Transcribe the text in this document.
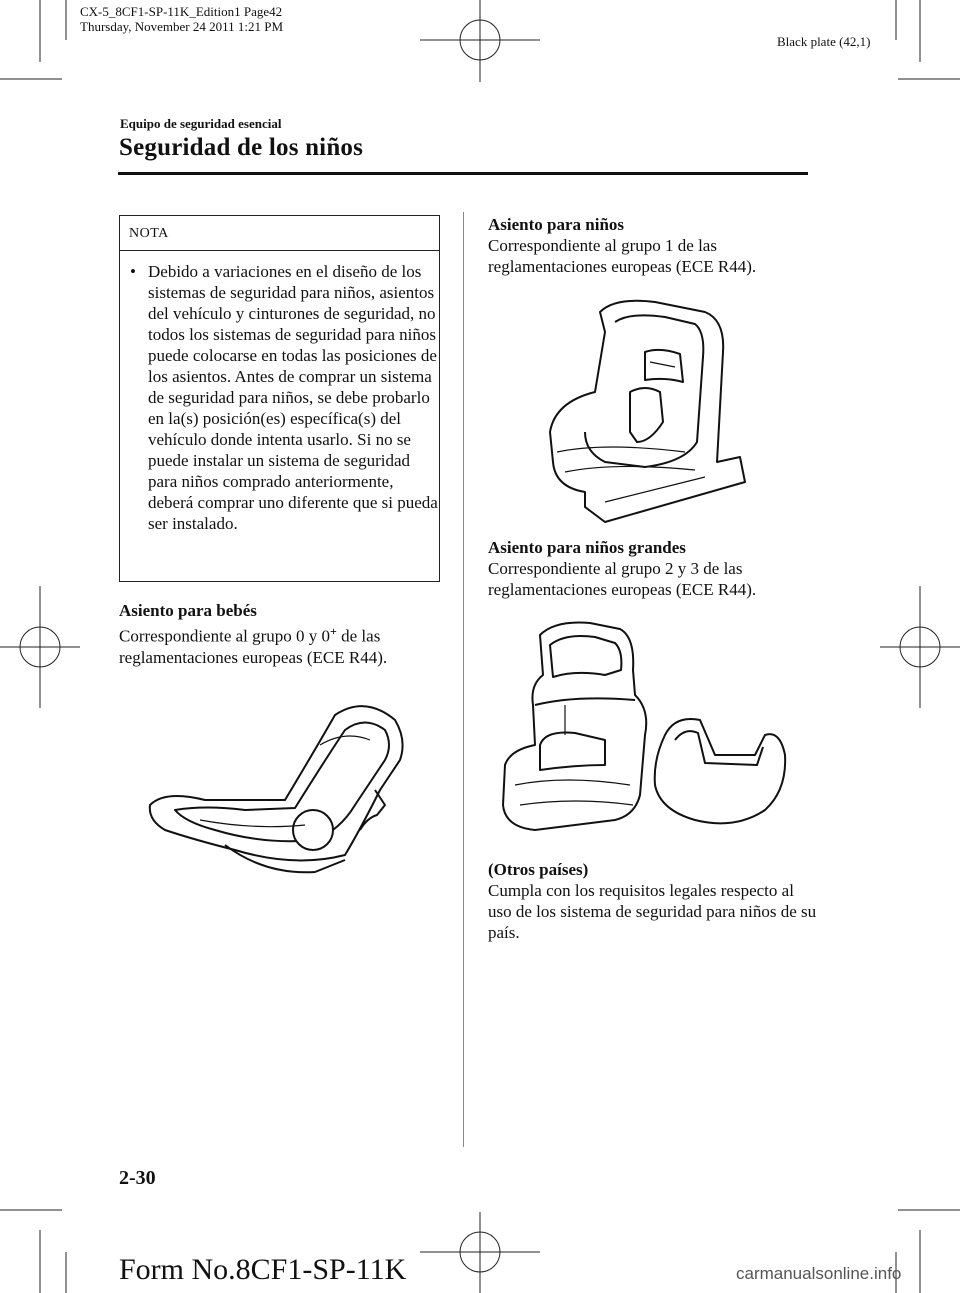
CX-5_8CF1-SP-11K_Edition1 Page42
Thursday, November 24 2011 1:21 PM
Black plate (42,1)
Equipo de seguridad esencial
Seguridad de los niños
NOTA
• Debido a variaciones en el diseño de los sistemas de seguridad para niños, asientos del vehículo y cinturones de seguridad, no todos los sistemas de seguridad para niños puede colocarse en todas las posiciones de los asientos. Antes de comprar un sistema de seguridad para niños, se debe probarlo en la(s) posición(es) específica(s) del vehículo donde intenta usarlo. Si no se puede instalar un sistema de seguridad para niños comprado anteriormente, deberá comprar uno diferente que si pueda ser instalado.
Asiento para bebés
Correspondiente al grupo 0 y 0+ de las reglamentaciones europeas (ECE R44).
Asiento para niños
Correspondiente al grupo 1 de las reglamentaciones europeas (ECE R44).
Asiento para niños grandes
Correspondiente al grupo 2 y 3 de las reglamentaciones europeas (ECE R44).
(Otros países)
Cumpla con los requisitos legales respecto al uso de los sistema de seguridad para niños de su país.
2-30
Form No.8CF1-SP-11K	carmanualsonline.info
